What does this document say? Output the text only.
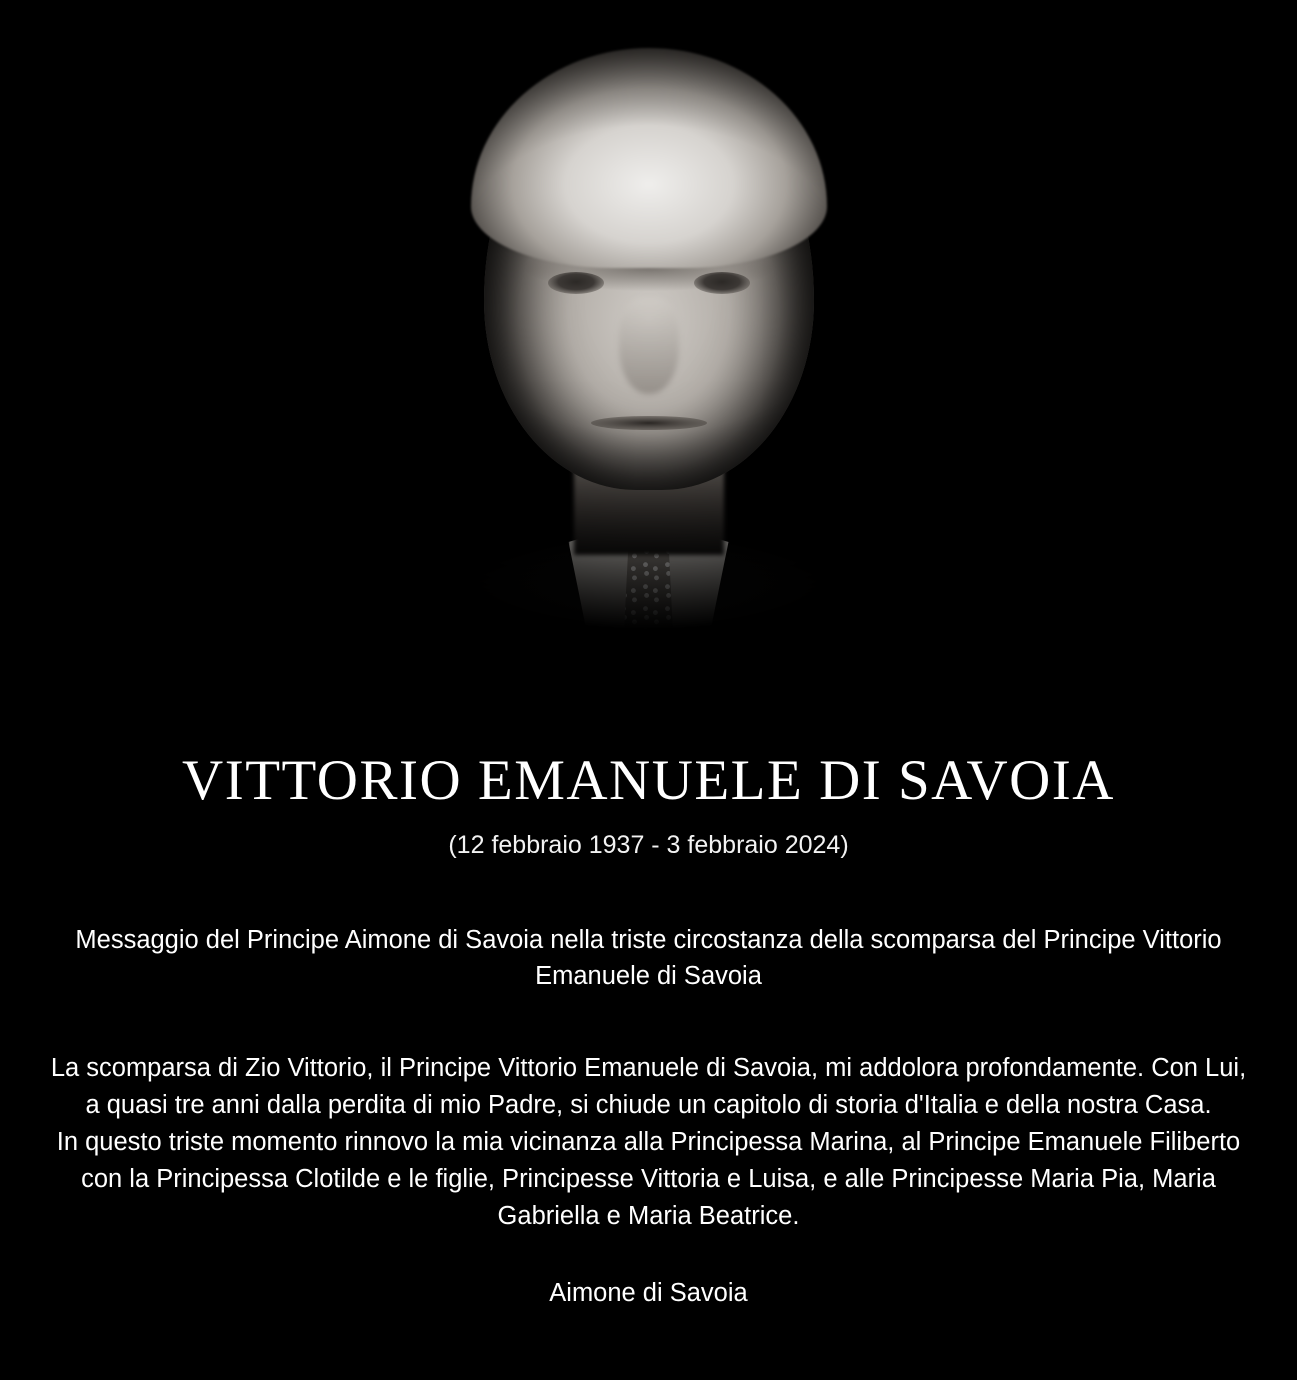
VITTORIO EMANUELE DI SAVOIA
(12 febbraio 1937 - 3 febbraio 2024)
Messaggio del Principe Aimone di Savoia nella triste circostanza della scomparsa del Principe Vittorio Emanuele di Savoia

La scomparsa di Zio Vittorio, il Principe Vittorio Emanuele di Savoia, mi addolora profondamente. Con Lui, a quasi tre anni dalla perdita di mio Padre, si chiude un capitolo di storia d'Italia e della nostra Casa.

In questo triste momento rinnovo la mia vicinanza alla Principessa Marina, al Principe Emanuele Filiberto con la Principessa Clotilde e le figlie, Principesse Vittoria e Luisa, e alle Principesse Maria Pia, Maria Gabriella e Maria Beatrice.

Aimone di Savoia
